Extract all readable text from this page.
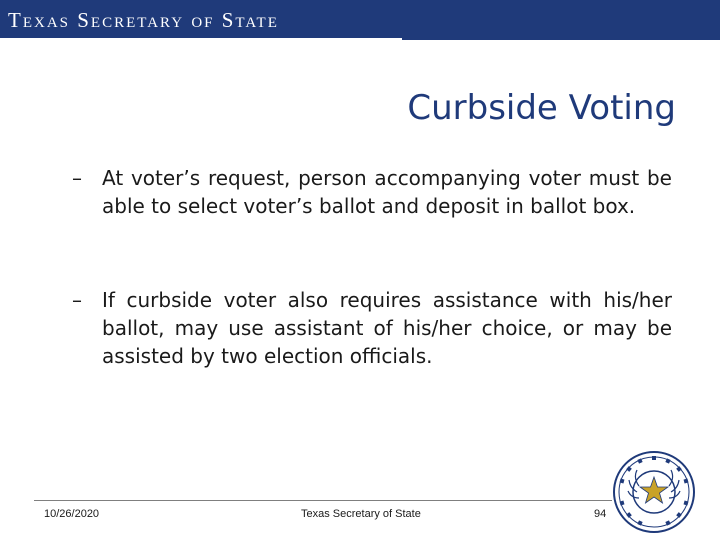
Texas Secretary of State
Curbside Voting
–	At voter’s request, person accompanying voter must be able to select voter’s ballot and deposit in ballot box.
–	If curbside voter also requires assistance with his/her ballot, may use assistant of his/her choice, or may be assisted by two election officials.
10/26/2020	Texas Secretary of State	94
